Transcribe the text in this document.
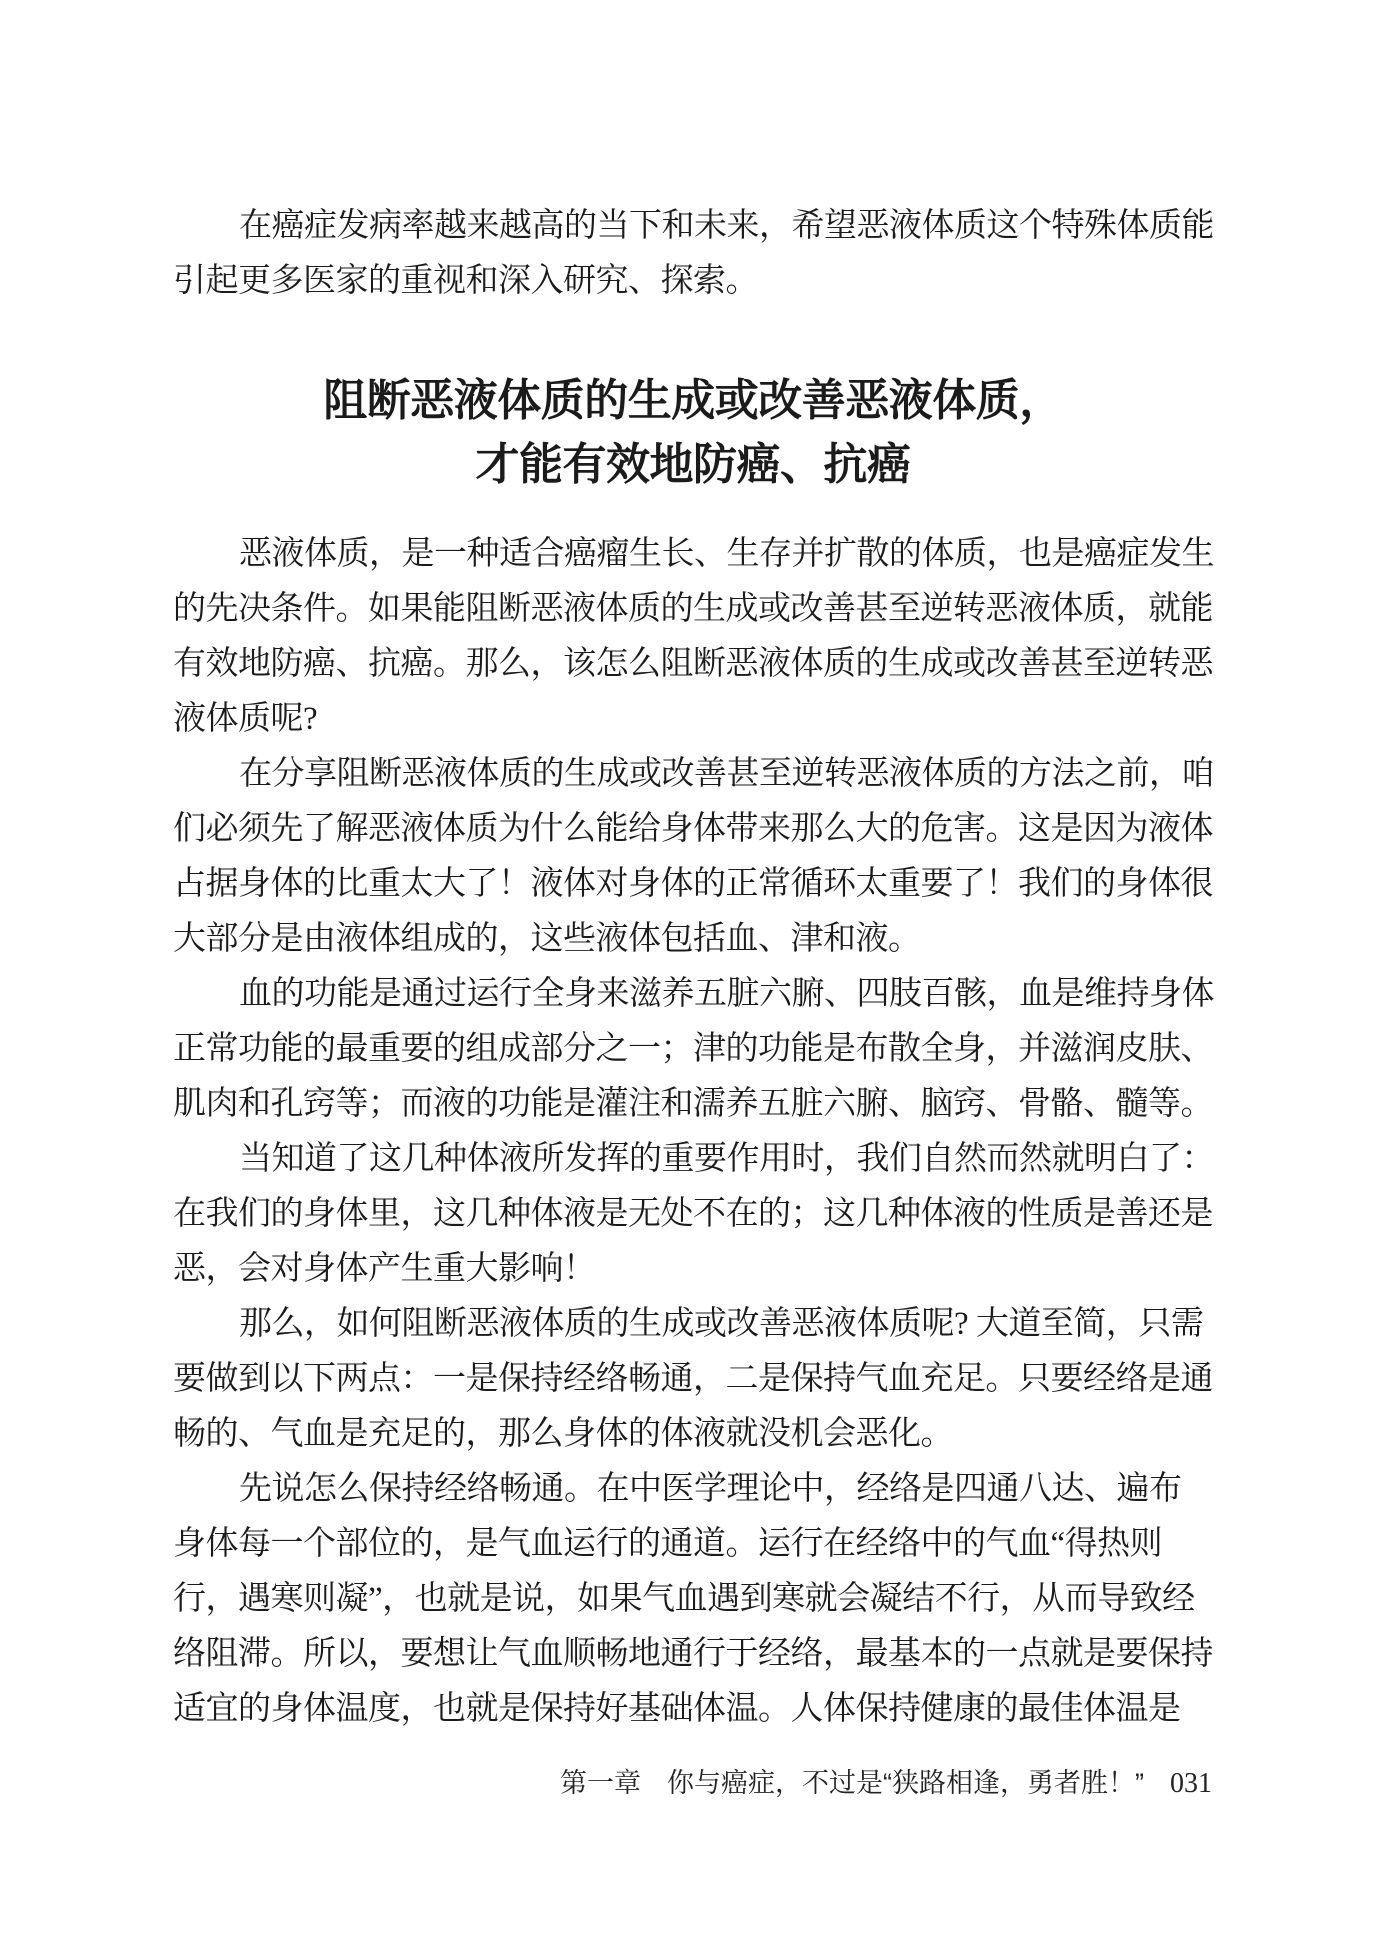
在癌症发病率越来越高的当下和未来，希望恶液体质这个特殊体质能
引起更多医家的重视和深入研究、探索。
阻断恶液体质的生成或改善恶液体质，
才能有效地防癌、抗癌
恶液体质，是一种适合癌瘤生长、生存并扩散的体质，也是癌症发生
的先决条件。如果能阻断恶液体质的生成或改善甚至逆转恶液体质，就能
有效地防癌、抗癌。那么，该怎么阻断恶液体质的生成或改善甚至逆转恶
液体质呢?
在分享阻断恶液体质的生成或改善甚至逆转恶液体质的方法之前，咱
们必须先了解恶液体质为什么能给身体带来那么大的危害。这是因为液体
占据身体的比重太大了！液体对身体的正常循环太重要了！我们的身体很
大部分是由液体组成的，这些液体包括血、津和液。
血的功能是通过运行全身来滋养五脏六腑、四肢百骸，血是维持身体
正常功能的最重要的组成部分之一；津的功能是布散全身，并滋润皮肤、
肌肉和孔窍等；而液的功能是灌注和濡养五脏六腑、脑窍、骨骼、髓等。
当知道了这几种体液所发挥的重要作用时，我们自然而然就明白了：
在我们的身体里，这几种体液是无处不在的；这几种体液的性质是善还是
恶，会对身体产生重大影响！
那么，如何阻断恶液体质的生成或改善恶液体质呢? 大道至简，只需
要做到以下两点：一是保持经络畅通，二是保持气血充足。只要经络是通
畅的、气血是充足的，那么身体的体液就没机会恶化。
先说怎么保持经络畅通。在中医学理论中，经络是四通八达、遍布
身体每一个部位的，是气血运行的通道。运行在经络中的气血“得热则
行，遇寒则凝”，也就是说，如果气血遇到寒就会凝结不行，从而导致经
络阻滞。所以，要想让气血顺畅地通行于经络，最基本的一点就是要保持
适宜的身体温度，也就是保持好基础体温。人体保持健康的最佳体温是
第一章 你与癌症，不过是“狭路相逢，勇者胜！” 031
